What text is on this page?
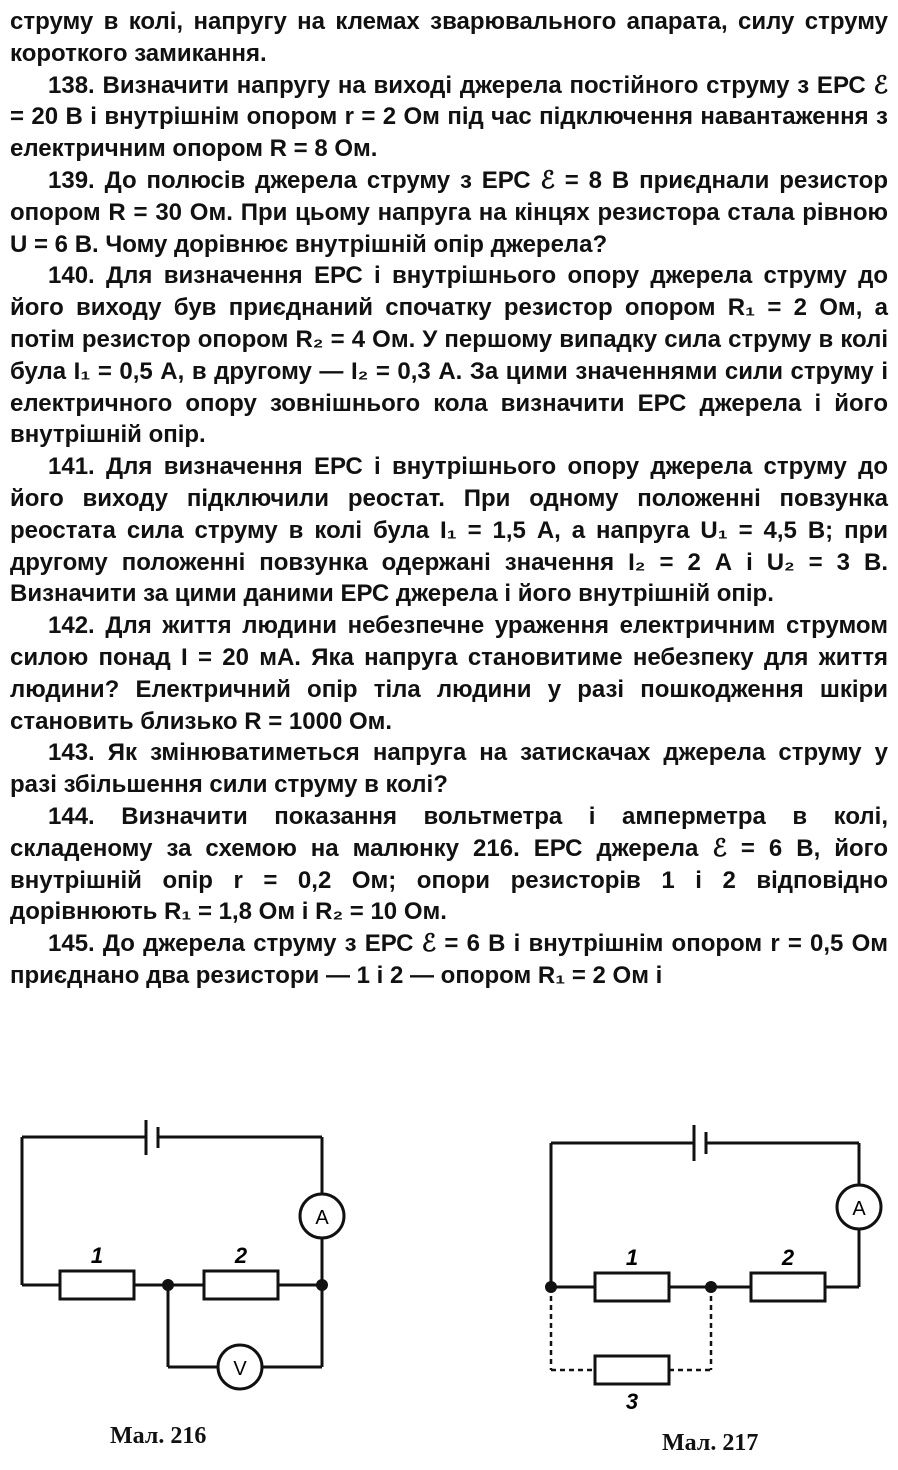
струму в колі, напругу на клемах зварювального апарата, силу струму короткого замикання.

138. Визначити напругу на виході джерела постійного струму з ЕРС ℰ = 20 В і внутрішнім опором r = 2 Ом під час підключення навантаження з електричним опором R = 8 Ом.

139. До полюсів джерела струму з ЕРС ℰ = 8 В приєднали резистор опором R = 30 Ом. При цьому напруга на кінцях резистора стала рівною U = 6 В. Чому дорівнює внутрішній опір джерела?

140. Для визначення ЕРС і внутрішнього опору джерела струму до його виходу був приєднаний спочатку резистор опором R₁ = 2 Ом, а потім резистор опором R₂ = 4 Ом. У першому випадку сила струму в колі була I₁ = 0,5 А, в другому — I₂ = 0,3 А. За цими значеннями сили струму і електричного опору зовнішнього кола визначити ЕРС джерела і його внутрішній опір.

141. Для визначення ЕРС і внутрішнього опору джерела струму до його виходу підключили реостат. При одному положенні повзунка реостата сила струму в колі була I₁ = 1,5 А, а напруга U₁ = 4,5 В; при другому положенні повзунка одержані значення I₂ = 2 А і U₂ = 3 В. Визначити за цими даними ЕРС джерела і його внутрішній опір.

142. Для життя людини небезпечне ураження електричним струмом силою понад I = 20 мА. Яка напруга становитиме небезпеку для життя людини? Електричний опір тіла людини у разі пошкодження шкіри становить близько R = 1000 Ом.

143. Як змінюватиметься напруга на затискачах джерела струму у разі збільшення сили струму в колі?

144. Визначити показання вольтметра і амперметра в колі, складеному за схемою на малюнку 216. ЕРС джерела ℰ = 6 В, його внутрішній опір r = 0,2 Ом; опори резисторів 1 і 2 відповідно дорівнюють R₁ = 1,8 Ом і R₂ = 10 Ом.

145. До джерела струму з ЕРС ℰ = 6 В і внутрішнім опором r = 0,5 Ом приєднано два резистори — 1 і 2 — опором R₁ = 2 Ом і

A
V
1	2
Мал. 216
A
1	2
3
Мал. 217
